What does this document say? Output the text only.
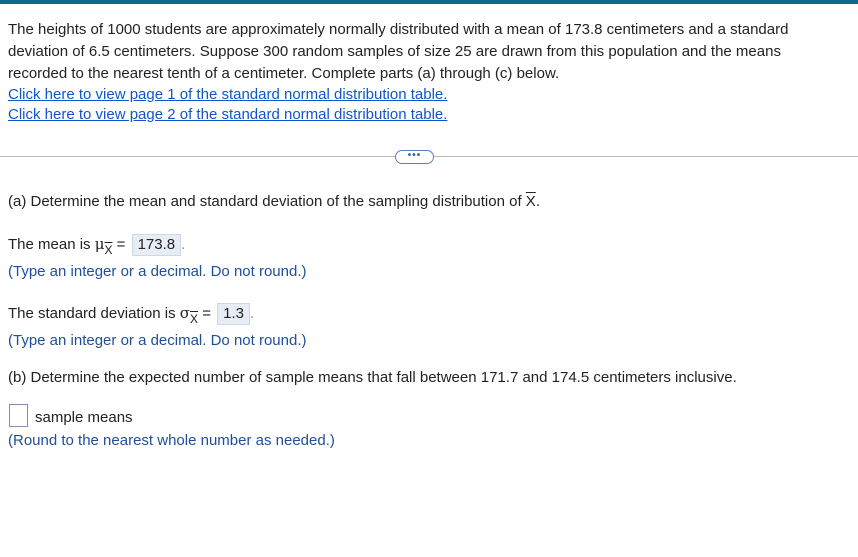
The heights of 1000 students are approximately normally distributed with a mean of 173.8 centimeters and a standard
deviation of 6.5 centimeters. Suppose 300 random samples of size 25 are drawn from this population and the means
recorded to the nearest tenth of a centimeter. Complete parts (a) through (c) below.
Click here to view page 1 of the standard normal distribution table.
Click here to view page 2 of the standard normal distribution table.
•••
(a) Determine the mean and standard deviation of the sampling distribution of $\overline{X}$.
The mean is $\mu_{\overline{X}} = 173.8$ .
(Type an integer or a decimal. Do not round.)
The standard deviation is $\sigma_{\overline{X}} = 1.3$ .
(Type an integer or a decimal. Do not round.)
(b) Determine the expected number of sample means that fall between 171.7 and 174.5 centimeters inclusive.
sample means
(Round to the nearest whole number as needed.)
